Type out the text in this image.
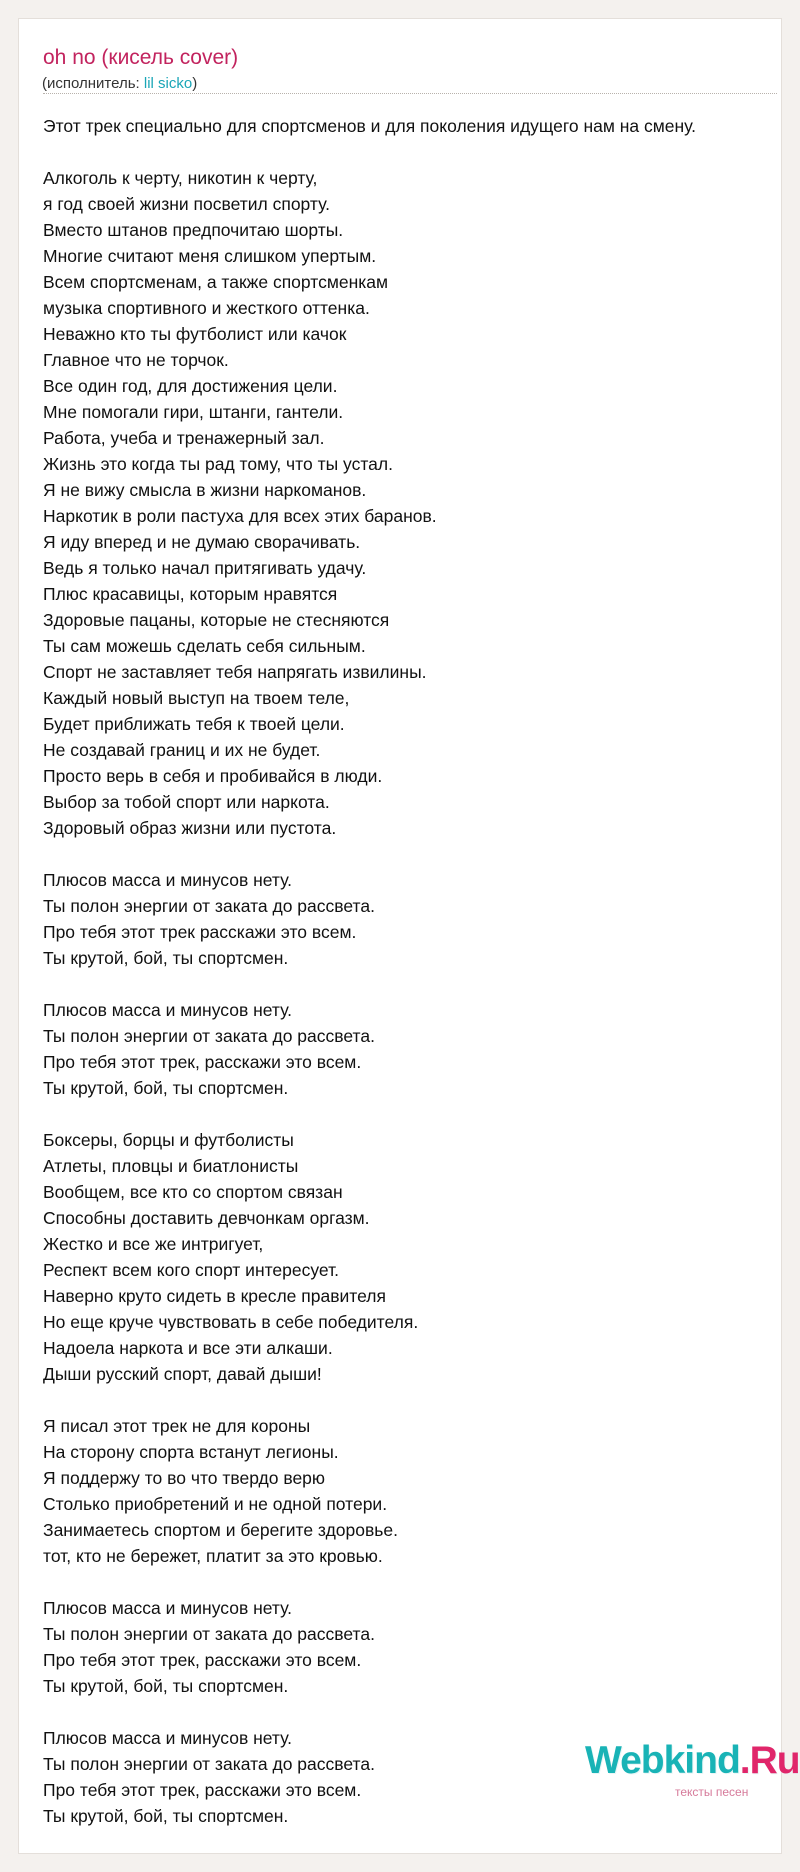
oh no (кисель cover)
(исполнитель: lil sicko)
Этот трек специально для спортсменов и для поколения идущего нам на смену.
Алкоголь к черту, никотин к черту,
я год своей жизни посветил спорту.
Вместо штанов предпочитаю шорты.
Многие считают меня слишком упертым.
Всем спортсменам, а также спортсменкам
музыка спортивного и жесткого оттенка.
Неважно кто ты футболист или качок
Главное что не торчок.
Все один год, для достижения цели.
Мне помогали гири, штанги, гантели.
Работа, учеба и тренажерный зал.
Жизнь это когда ты рад тому, что ты устал.
Я не вижу смысла в жизни наркоманов.
Наркотик в роли пастуха для всех этих баранов.
Я иду вперед и не думаю сворачивать.
Ведь я только начал притягивать удачу.
Плюс красавицы, которым нравятся
Здоровые пацаны, которые не стесняются
Ты сам можешь сделать себя сильным.
Спорт не заставляет тебя напрягать извилины.
Каждый новый выступ на твоем теле,
Будет приближать тебя к твоей цели.
Не создавай границ и их не будет.
Просто верь в себя и пробивайся в люди.
Выбор за тобой спорт или наркота.
Здоровый образ жизни или пустота.
Плюсов масса и минусов нету.
Ты полон энергии от заката до рассвета.
Про тебя этот трек расскажи это всем.
Ты крутой, бой, ты спортсмен.
Плюсов масса и минусов нету.
Ты полон энергии от заката до рассвета.
Про тебя этот трек, расскажи это всем.
Ты крутой, бой, ты спортсмен.
Боксеры, борцы и футболисты
Атлеты, пловцы и биатлонисты
Вообщем, все кто со спортом связан
Способны доставить девчонкам оргазм.
Жестко и все же интригует,
Респект всем кого спорт интересует.
Наверно круто сидеть в кресле правителя
Но еще круче чувствовать в себе победителя.
Надоела наркота и все эти алкаши.
Дыши русский спорт, давай дыши!
Я писал этот трек не для короны
На сторону спорта встанут легионы.
Я поддержу то во что твердо верю
Столько приобретений и не одной потери.
Занимаетесь спортом и берегите здоровье.
тот, кто не бережет, платит за это кровью.
Плюсов масса и минусов нету.
Ты полон энергии от заката до рассвета.
Про тебя этот трек, расскажи это всем.
Ты крутой, бой, ты спортсмен.
Плюсов масса и минусов нету.
Ты полон энергии от заката до рассвета.
Про тебя этот трек, расскажи это всем.
Ты крутой, бой, ты спортсмен.
Webkind.Ru
тексты песен
